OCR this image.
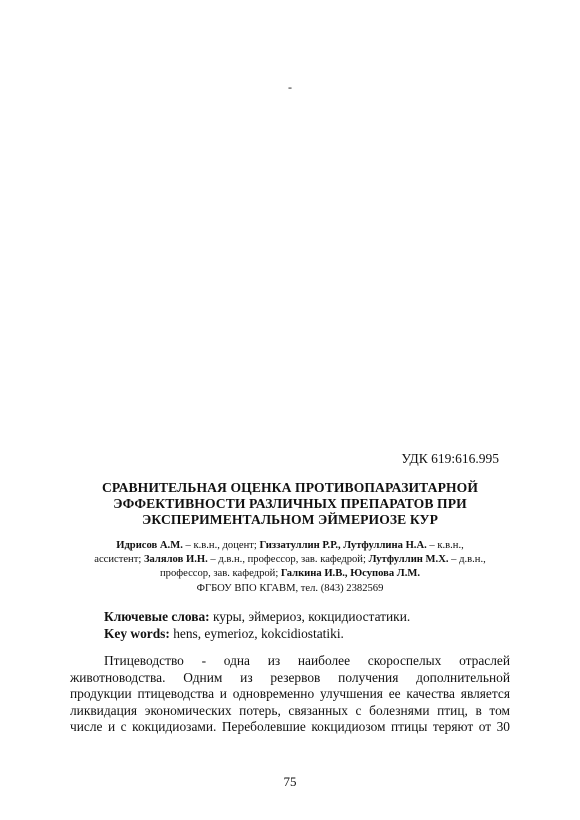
-
УДК 619:616.995
СРАВНИТЕЛЬНАЯ ОЦЕНКА ПРОТИВОПАРАЗИТАРНОЙ
ЭФФЕКТИВНОСТИ РАЗЛИЧНЫХ ПРЕПАРАТОВ ПРИ
ЭКСПЕРИМЕНТАЛЬНОМ ЭЙМЕРИОЗЕ КУР
Идрисов А.М. – к.в.н., доцент; Гиззатуллин Р.Р., Лутфуллина Н.А. – к.в.н.,
ассистент; Залялов И.Н. – д.в.н., профессор, зав. кафедрой; Лутфуллин М.Х. – д.в.н.,
профессор, зав. кафедрой; Галкина И.В., Юсупова Л.М.
ФГБОУ ВПО КГАВМ, тел. (843) 2382569
Ключевые слова: куры, эймериоз, кокцидиостатики.
Key words: hens, eymerioz, kokcidiostatiki.
Птицеводство - одна из наиболее скороспелых отраслей
животноводства. Одним из резервов получения дополнительной
продукции птицеводства и одновременно улучшения ее качества является
ликвидация экономических потерь, связанных с болезнями птиц, в том
числе и с кокцидиозами. Переболевшие кокцидиозом птицы теряют от 30
75
